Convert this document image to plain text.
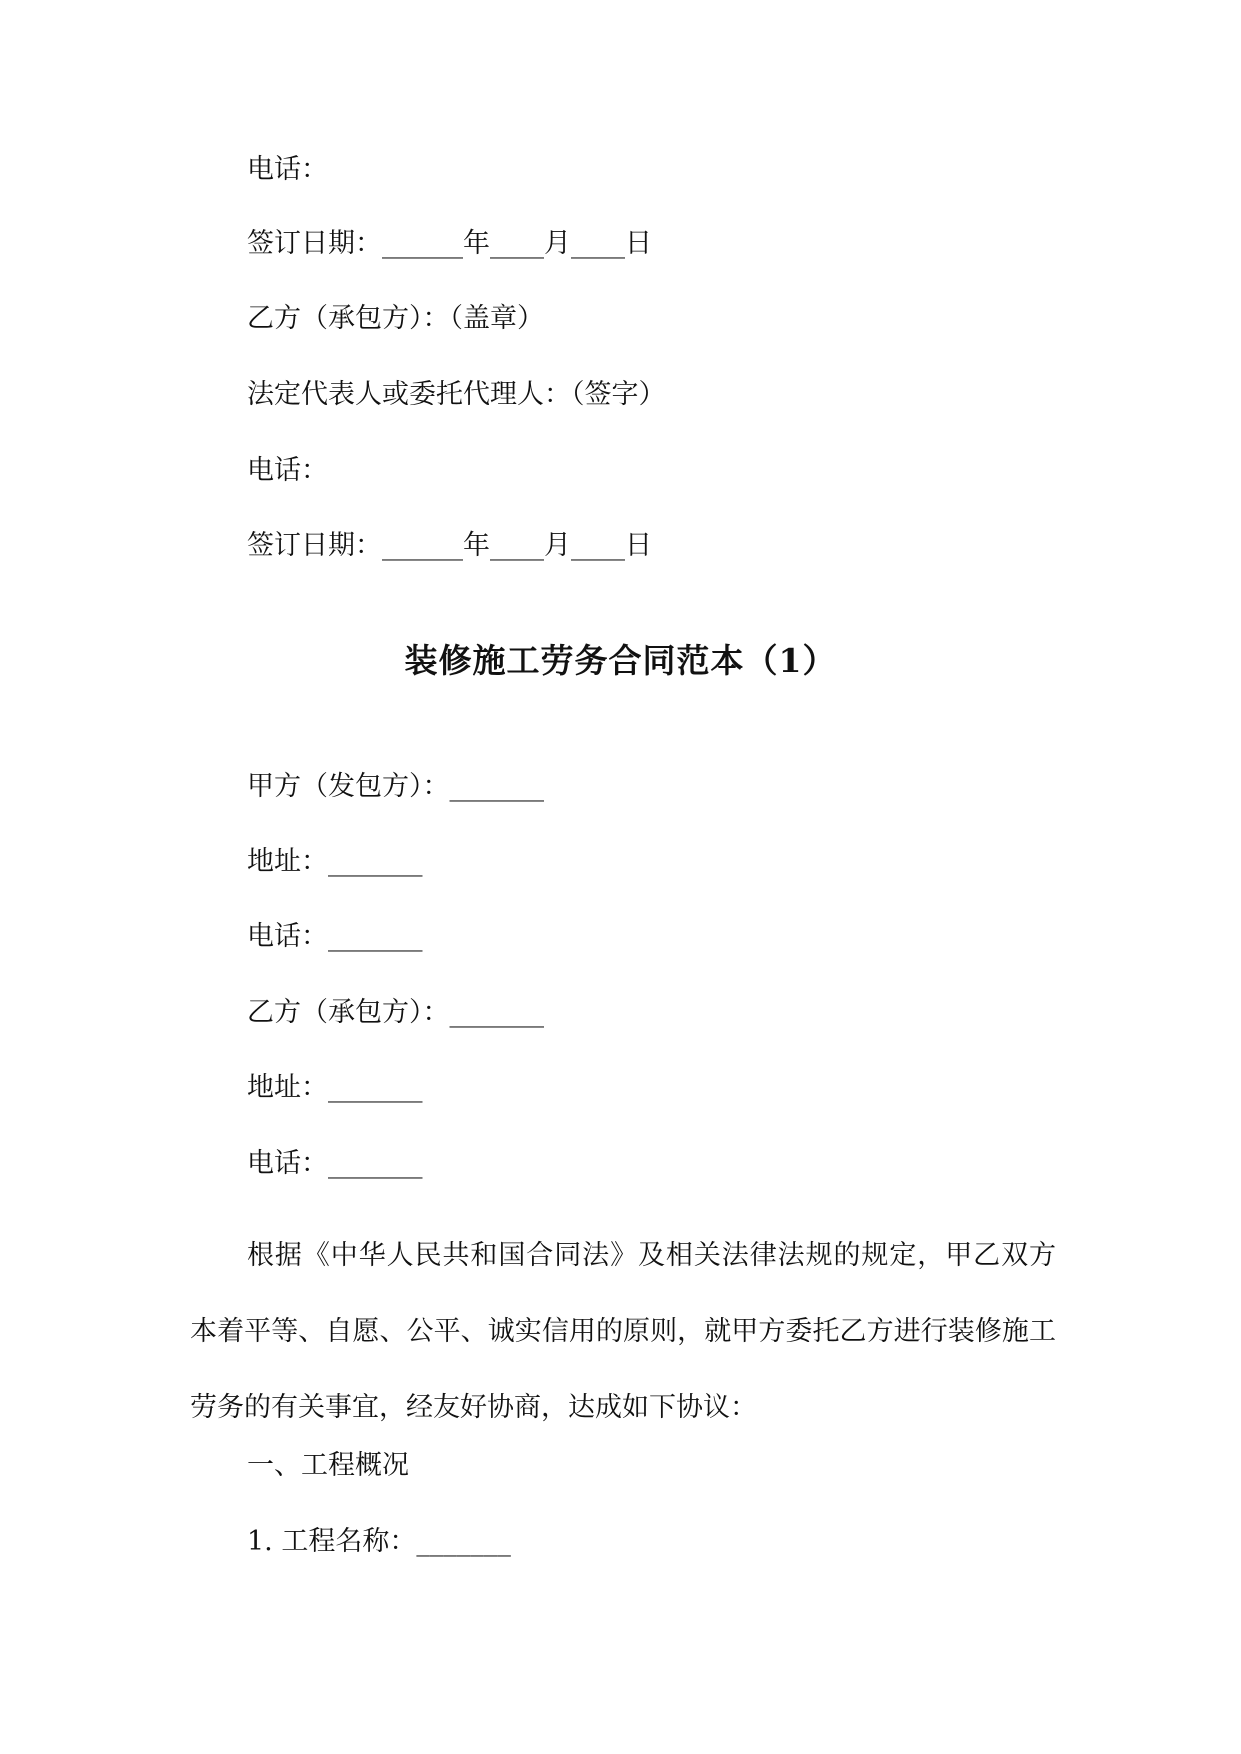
电话：
签订日期：______年____月____日
乙方（承包方）：（盖章）
法定代表人或委托代理人：（签字）
电话：
签订日期：______年____月____日
装修施工劳务合同范本（1）
甲方（发包方）：_______
地址：_______
电话：_______
乙方（承包方）：_______
地址：_______
电话：_______
根据《中华人民共和国合同法》及相关法律法规的规定，甲乙双方本着平等、自愿、公平、诚实信用的原则，就甲方委托乙方进行装修施工劳务的有关事宜，经友好协商，达成如下协议：
一、工程概况
1. 工程名称：_______
